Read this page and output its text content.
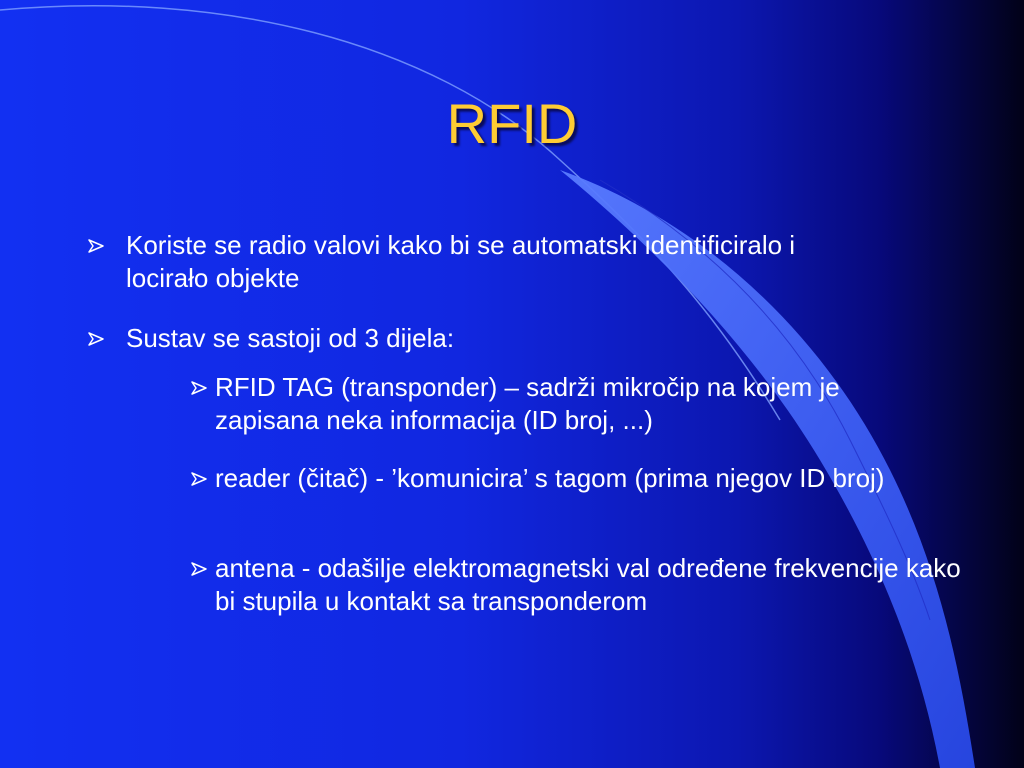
RFID
Koriste se radio valovi kako bi se automatski identificiralo i locirało objekte
Sustav se sastoji od 3 dijela:
RFID TAG (transponder) – sadrži mikročip na kojem je zapisana neka informacija (ID broj, ...)
reader (čitač) - ’komunicira’ s tagom (prima njegov ID broj)
antena - odašilje elektromagnetski val određene frekvencije kako bi stupila u kontakt sa transponderom
